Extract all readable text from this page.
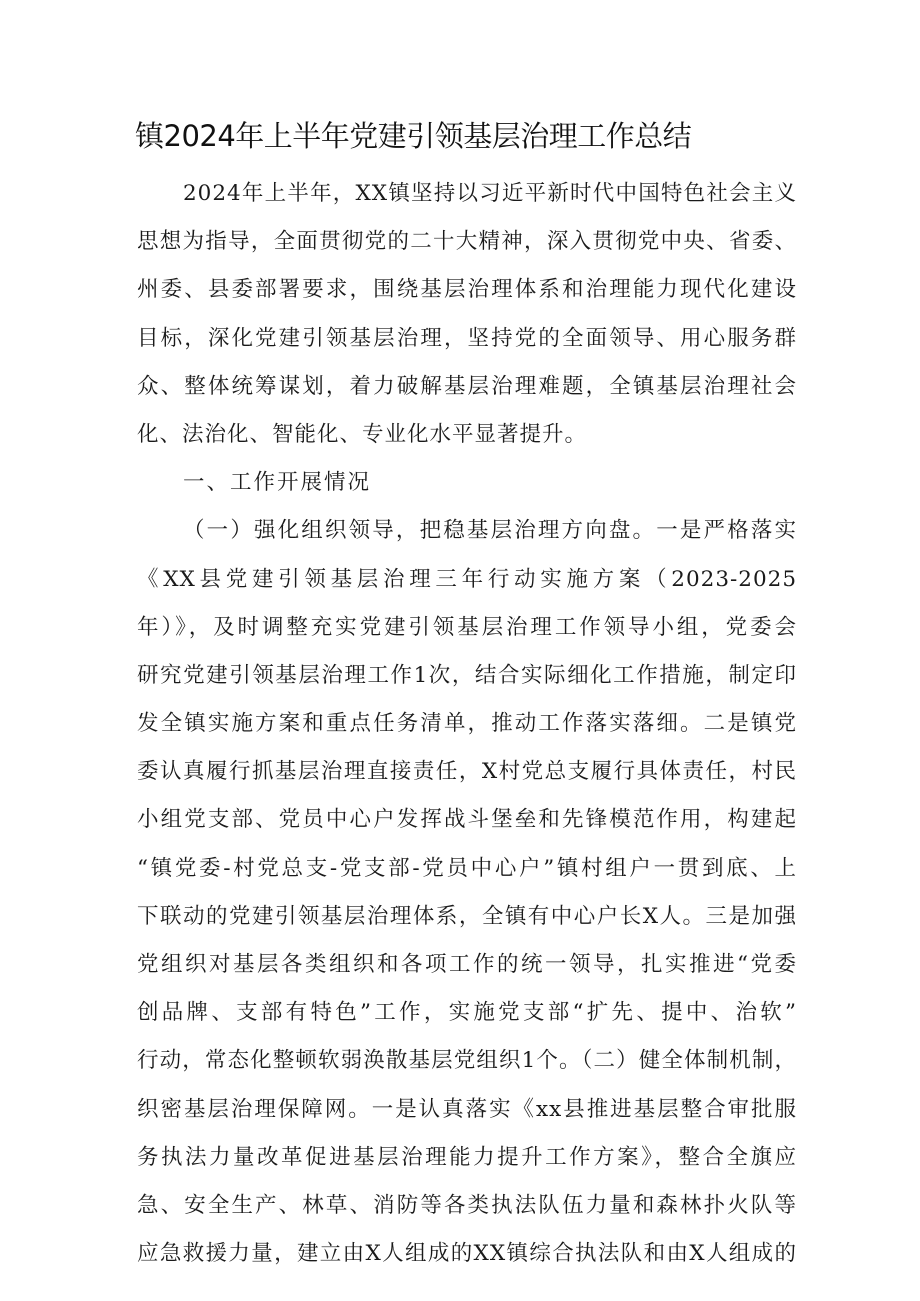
镇2024年上半年党建引领基层治理工作总结
2024年上半年，XX镇坚持以习近平新时代中国特色社会主义
思想为指导，全面贯彻党的二十大精神，深入贯彻党中央、省委、
州委、县委部署要求，围绕基层治理体系和治理能力现代化建设
目标，深化党建引领基层治理，坚持党的全面领导、用心服务群
众、整体统筹谋划，着力破解基层治理难题，全镇基层治理社会
化、法治化、智能化、专业化水平显著提升。
一、工作开展情况
（一）强化组织领导，把稳基层治理方向盘。一是严格落实
《XX县党建引领基层治理三年行动实施方案（2023-2025
年）》，及时调整充实党建引领基层治理工作领导小组，党委会
研究党建引领基层治理工作1次，结合实际细化工作措施，制定印
发全镇实施方案和重点任务清单，推动工作落实落细。二是镇党
委认真履行抓基层治理直接责任，X村党总支履行具体责任，村民
小组党支部、党员中心户发挥战斗堡垒和先锋模范作用，构建起
“镇党委-村党总支-党支部-党员中心户”镇村组户一贯到底、上
下联动的党建引领基层治理体系，全镇有中心户长X人。三是加强
党组织对基层各类组织和各项工作的统一领导，扎实推进“党委
创品牌、支部有特色”工作，实施党支部“扩先、提中、治软”
行动，常态化整顿软弱涣散基层党组织1个。（二）健全体制机制，
织密基层治理保障网。一是认真落实《xx县推进基层整合审批服
务执法力量改革促进基层治理能力提升工作方案》，整合全旗应
急、安全生产、林草、消防等各类执法队伍力量和森林扑火队等
应急救援力量，建立由X人组成的XX镇综合执法队和由X人组成的
